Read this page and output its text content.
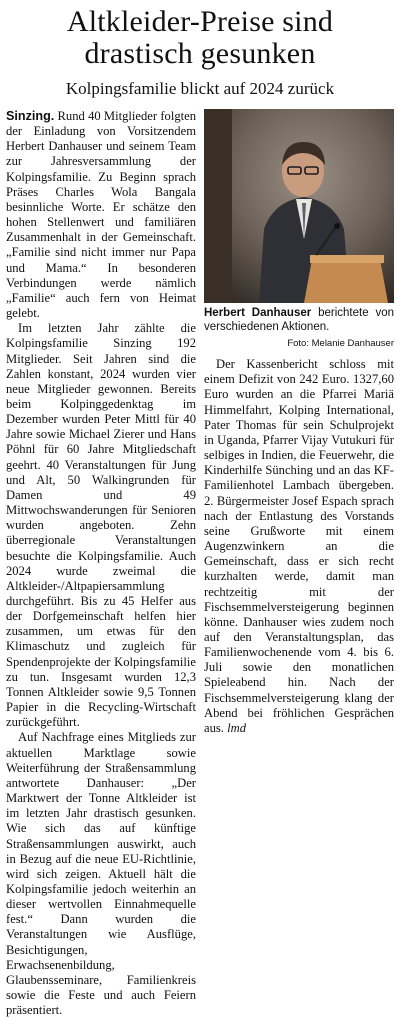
Altkleider-Preise sind
drastisch gesunken
Kolpingsfamilie blickt auf 2024 zurück

Sinzing. Rund 40 Mitglieder folgten der Einladung von Vorsitzendem Herbert Danhauser und seinem Team zur Jahresversammlung der Kolpingsfamilie. Zu Beginn sprach Präses Charles Wola Bangala besinnliche Worte. Er schätze den hohen Stellenwert und familiären Zusammenhalt in der Gemeinschaft. „Familie sind nicht immer nur Papa und Mama.“ In besonderen Verbindungen werde nämlich „Familie“ auch fern von Heimat gelebt.

Im letzten Jahr zählte die Kolpingsfamilie Sinzing 192 Mitglieder. Seit Jahren sind die Zahlen konstant, 2024 wurden vier neue Mitglieder gewonnen. Bereits beim Kolpinggedenktag im Dezember wurden Peter Mittl für 40 Jahre sowie Michael Zierer und Hans Pöhnl für 60 Jahre Mitgliedschaft geehrt. 40 Veranstaltungen für Jung und Alt, 50 Walkingrunden für Damen und 49 Mittwochswanderungen für Senioren wurden angeboten. Zehn überregionale Veranstaltungen besuchte die Kolpingsfamilie. Auch 2024 wurde zweimal die Altkleider-/Altpapiersammlung durchgeführt. Bis zu 45 Helfer aus der Dorfgemeinschaft helfen hier zusammen, um etwas für den Klimaschutz und zugleich für Spendenprojekte der Kolpingsfamilie zu tun. Insgesamt wurden 12,3 Tonnen Altkleider sowie 9,5 Tonnen Papier in die Recycling-Wirtschaft zurückgeführt.

Auf Nachfrage eines Mitglieds zur aktuellen Marktlage sowie Weiterführung der Straßensammlung antwortete Danhauser: „Der Marktwert der Tonne Altkleider ist im letzten Jahr drastisch gesunken. Wie sich das auf künftige Straßensammlungen auswirkt, auch in Bezug auf die neue EU-Richtlinie, wird sich zeigen. Aktuell hält die Kolpingsfamilie jedoch weiterhin an dieser wertvollen Einnahmequelle fest.“ Dann wurden die Veranstaltungen wie Ausflüge, Besichtigungen, Erwachsenenbildung, Glaubensseminare, Familienkreis sowie die Feste und auch Feiern präsentiert.

Herbert Danhauser berichtete von verschiedenen Aktionen.
Foto: Melanie Danhauser

Der Kassenbericht schloss mit einem Defizit von 242 Euro. 1327,60 Euro wurden an die Pfarrei Mariä Himmelfahrt, Kolping International, Pater Thomas für sein Schulprojekt in Uganda, Pfarrer Vijay Vutukuri für selbiges in Indien, die Feuerwehr, die Kinderhilfe Sünching und an das KF-Familienhotel Lambach übergeben. 2. Bürgermeister Josef Espach sprach nach der Entlastung des Vorstands seine Grußworte mit einem Augenzwinkern an die Gemeinschaft, dass er sich recht kurzhalten werde, damit man rechtzeitig mit der Fischsemmelversteigerung beginnen könne. Danhauser wies zudem noch auf den Veranstaltungsplan, das Familienwochenende vom 4. bis 6. Juli sowie den monatlichen Spieleabend hin. Nach der Fischsemmelversteigerung klang der Abend bei fröhlichen Gesprächen aus. lmd
